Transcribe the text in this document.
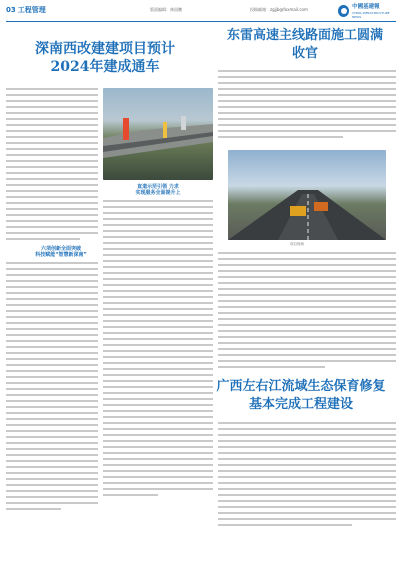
03 工程管理	版面编辑：林国鹏	投稿邮箱：zgjjb@foxmail.com	中國基建報
CHINA INFRASTRUCTURE NEWS
深南西改建建项目预计2024年建成通车
六项创新全面突破
科技赋能“智慧新深南”
直道示范引领 力求
实现服务全面提升上
东雷高速主线路面施工圆满收官
项目现场
广西左右江流域生态保育修复基本完成工程建设
